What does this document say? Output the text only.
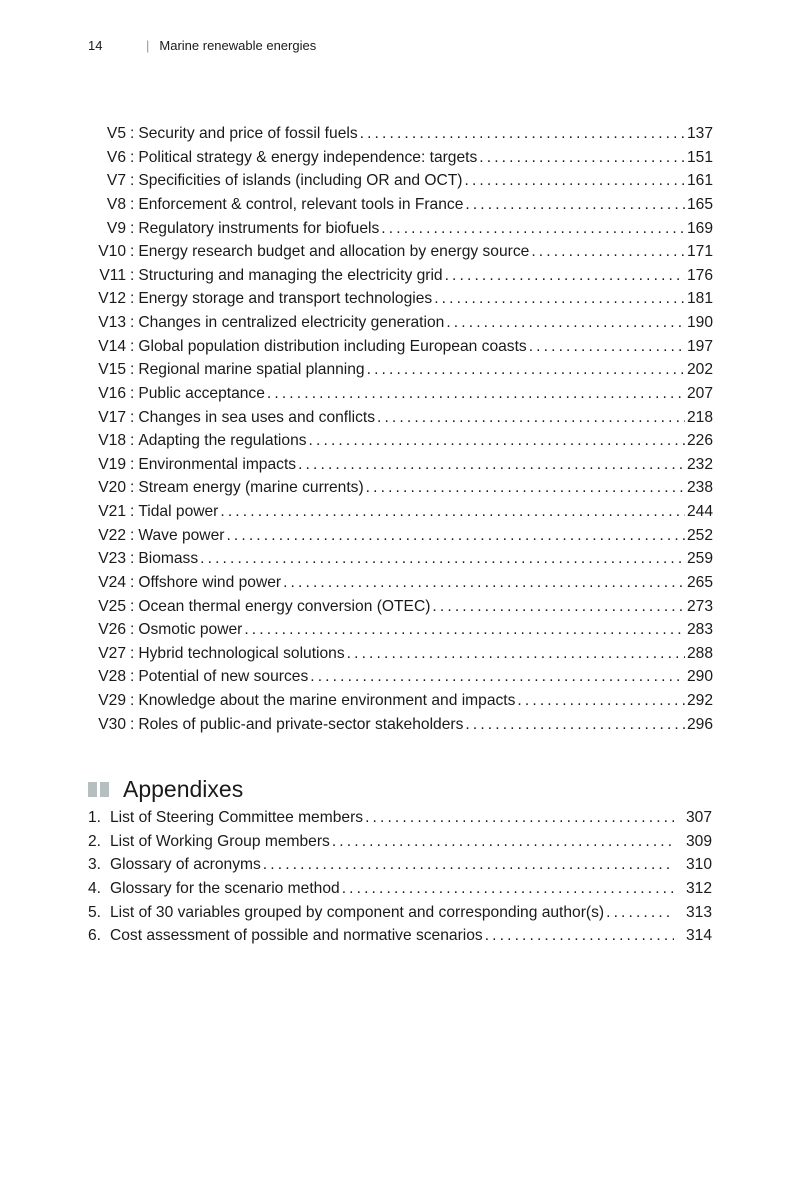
14	| Marine renewable energies
V5 : Security and price of fossil fuels . . .	137
V6 : Political strategy & energy independence: targets . . .	151
V7 : Specificities of islands (including OR and OCT) . . .	161
V8 : Enforcement & control, relevant tools in France . . .	165
V9 : Regulatory instruments for biofuels . . .	169
V10 : Energy research budget and allocation by energy source . . .	171
V11 : Structuring and managing the electricity grid . . .	176
V12 : Energy storage and transport technologies . . .	181
V13 : Changes in centralized electricity generation . . .	190
V14 : Global population distribution including European coasts . . .	197
V15 : Regional marine spatial planning . . .	202
V16 : Public acceptance . . .	207
V17 : Changes in sea uses and conflicts . . .	218
V18 : Adapting the regulations . . .	226
V19 : Environmental impacts . . .	232
V20 : Stream energy (marine currents) . . .	238
V21 : Tidal power . . .	244
V22 : Wave power . . .	252
V23 : Biomass . . .	259
V24 : Offshore wind power . . .	265
V25 : Ocean thermal energy conversion (OTEC) . . .	273
V26 : Osmotic power . . .	283
V27 : Hybrid technological solutions . . .	288
V28 : Potential of new sources . . .	290
V29 : Knowledge about the marine environment and impacts . . .	292
V30 : Roles of public-and private-sector stakeholders . . .	296
Appendixes
1. List of Steering Committee members . . .	307
2. List of Working Group members . . .	309
3. Glossary of acronyms . . .	310
4. Glossary for the scenario method . . .	312
5. List of 30 variables grouped by component and corresponding author(s) . . .	313
6. Cost assessment of possible and normative scenarios . . .	314
